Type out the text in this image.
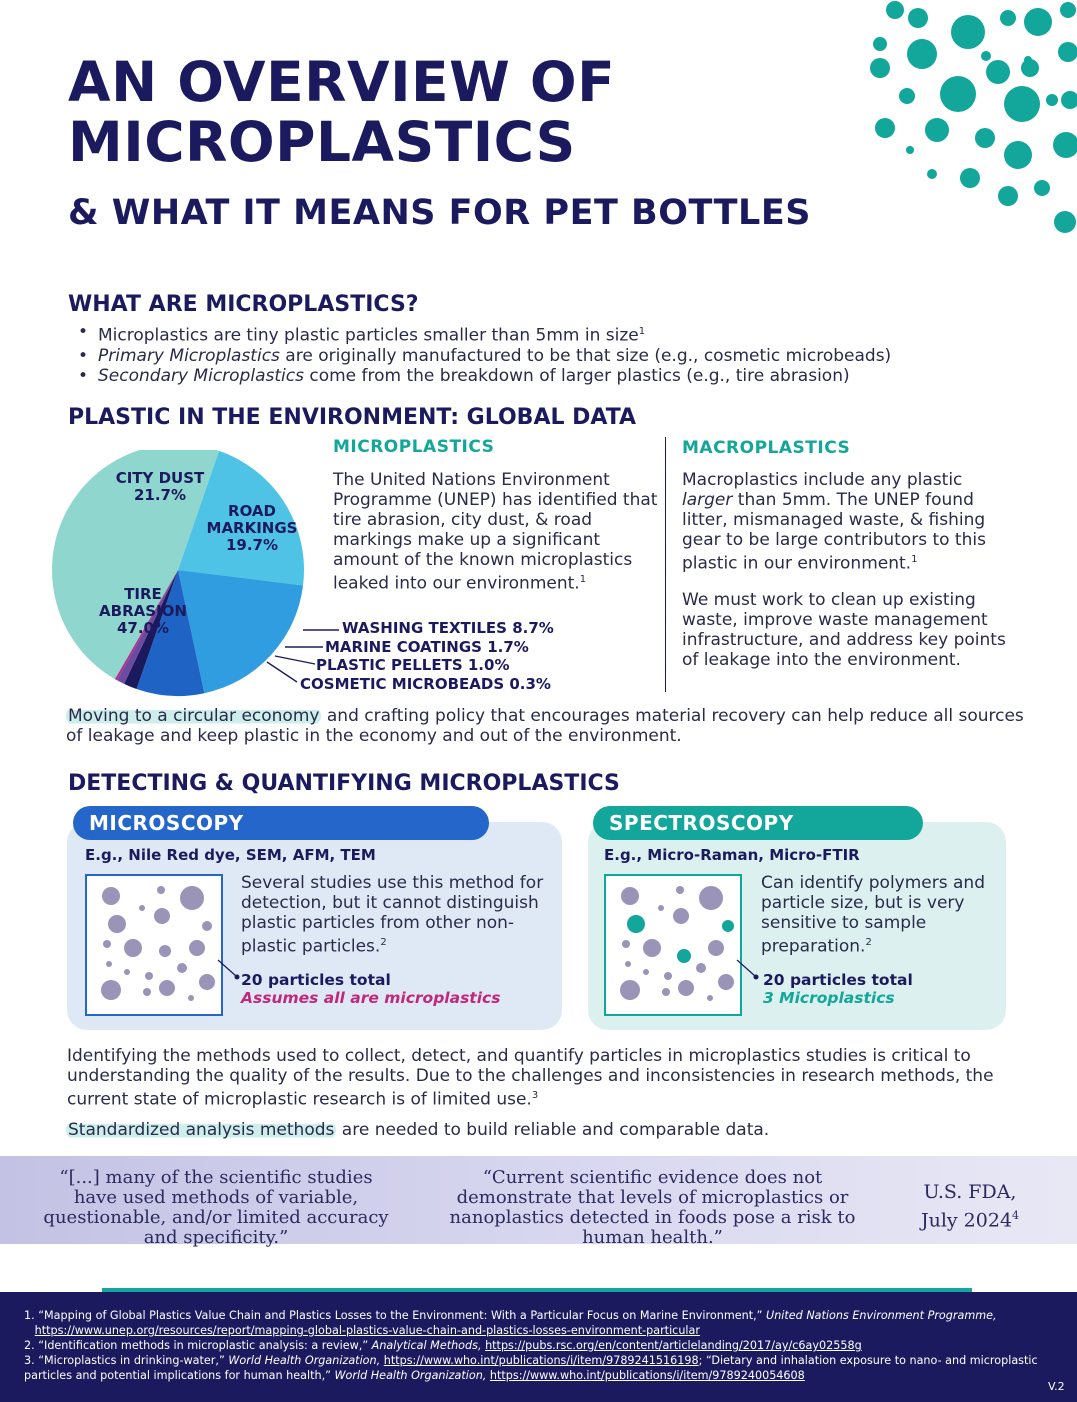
AN OVERVIEW OF
MICROPLASTICS
& WHAT IT MEANS FOR PET BOTTLES
WHAT ARE MICROPLASTICS?
• Microplastics are tiny plastic particles smaller than 5mm in size$^1$
• Primary Microplastics are originally manufactured to be that size (e.g., cosmetic microbeads)
• Secondary Microplastics come from the breakdown of larger plastics (e.g., tire abrasion)
PLASTIC IN THE ENVIRONMENT: GLOBAL DATA
CITY DUST
21.7%
ROAD
MARKINGS
19.7%
TIRE
ABRASION
47.0%	WASHING TEXTILES 8.7%
MARINE COATINGS 1.7%
PLASTIC PELLETS 1.0%
COSMETIC MICROBEADS 0.3%
MICROPLASTICS
The United Nations Environment Programme (UNEP) has identified that tire abrasion, city dust, & road markings make up a significant amount of the known microplastics leaked into our environment.$^1$
MACROPLASTICS
Macroplastics include any plastic larger than 5mm. The UNEP found litter, mismanaged waste, & fishing gear to be large contributors to this plastic in our environment.$^1$
We must work to clean up existing waste, improve waste management infrastructure, and address key points of leakage into the environment.
Moving to a circular economy and crafting policy that encourages material recovery can help reduce all sources of leakage and keep plastic in the economy and out of the environment.
DETECTING & QUANTIFYING MICROPLASTICS
MICROSCOPY
E.g., Nile Red dye, SEM, AFM, TEM
Several studies use this method for detection, but it cannot distinguish plastic particles from other non-plastic particles.$^2$
20 particles total
Assumes all are microplastics
SPECTROSCOPY
E.g., Micro-Raman, Micro-FTIR
Can identify polymers and particle size, but is very sensitive to sample preparation.$^2$
20 particles total
3 Microplastics
Identifying the methods used to collect, detect, and quantify particles in microplastics studies is critical to understanding the quality of the results. Due to the challenges and inconsistencies in research methods, the current state of microplastic research is of limited use.$^3$
Standardized analysis methods are needed to build reliable and comparable data.
“[...] many of the scientific studies have used methods of variable, questionable, and/or limited accuracy and specificity.”
“Current scientific evidence does not demonstrate that levels of microplastics or nanoplastics detected in foods pose a risk to human health.”
U.S. FDA,
July 2024$^4$
1. “Mapping of Global Plastics Value Chain and Plastics Losses to the Environment: With a Particular Focus on Marine Environment,” United Nations Environment Programme,
https://www.unep.org/resources/report/mapping-global-plastics-value-chain-and-plastics-losses-environment-particular
2. “Identification methods in microplastic analysis: a review,” Analytical Methods, https://pubs.rsc.org/en/content/articlelanding/2017/ay/c6ay02558g
3. “Microplastics in drinking-water,” World Health Organization, https://www.who.int/publications/i/item/9789241516198; “Dietary and inhalation exposure to nano- and microplastic particles and potential implications for human health,” World Health Organization, https://www.who.int/publications/i/item/9789240054608
V.2
